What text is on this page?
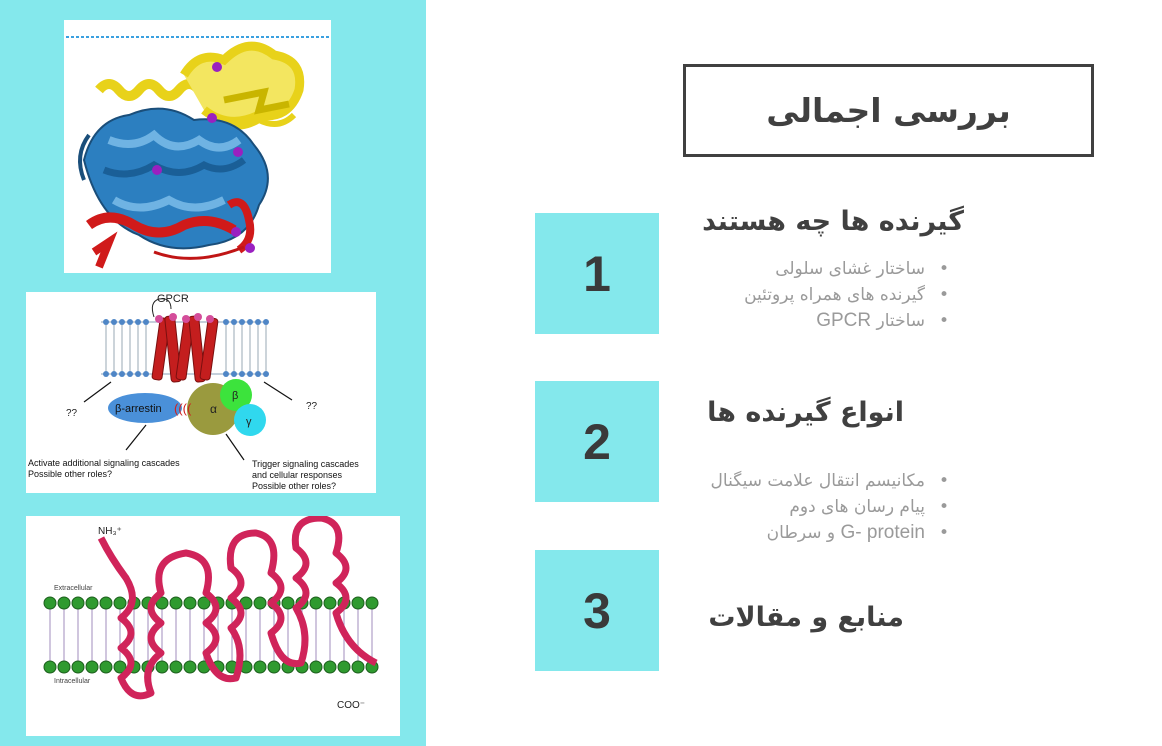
GPCR
α
β
γ
β-arrestin ((((
??
??
Activate additional signaling cascades
Possible other roles?
Trigger signaling cascades
and cellular responses
Possible other roles?
NH₃⁺
COO⁻
Extracellular
Intracellular
بررسی اجمالی
1
گیرنده ها چه هستند
• ساختار غشای سلولی
• گیرنده های همراه پروتئین
• ساختار GPCR
2
انواع گیرنده ها
• مکانیسم انتقال علامت سیگنال
• پیام رسان های دوم
• G- protein و سرطان
3	منابع و مقالات
